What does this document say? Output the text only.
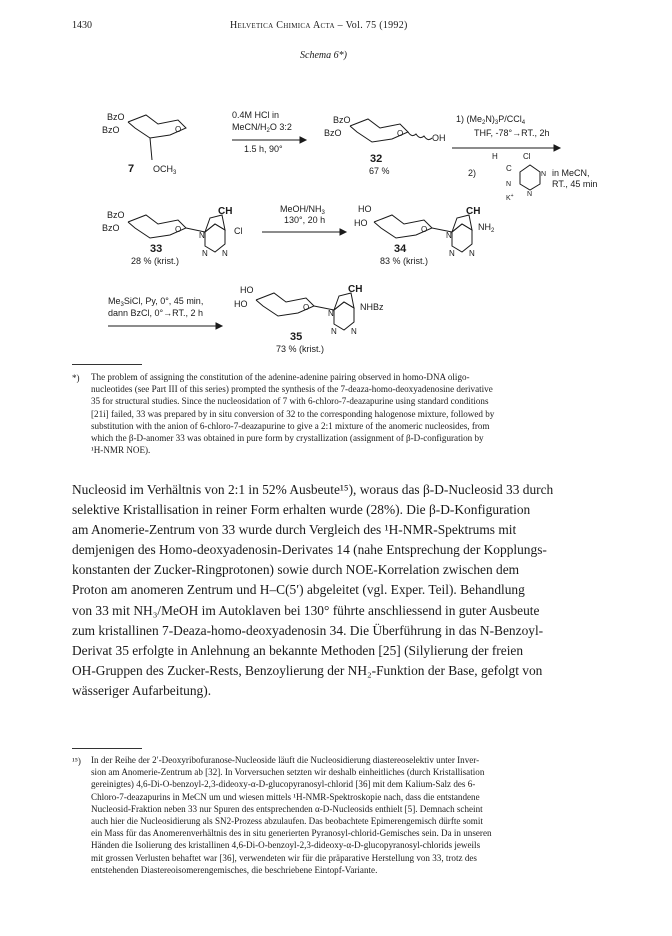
1430	Helvetica Chimica Acta – Vol. 75 (1992)
Schema 6*)
BzO
BzO	O
$OCH_3$
7
0.4M HCl in
MeCN/$H_2O$ 3:2
1.5 h, 90°
BzO
BzO	O	OH
32
67 %
1) $(Me_2N)_3P/CCl_4$
THF, -78°→RT., 2h
H	Cl
2)	C
N
N
N
K+
in MeCN,
RT., 45 min
BzO
BzO	O
CH
Cl
N
N N
33
28 % (krist.)
MeOH/$NH_3$
130°, 20 h
HO
HO
O
CH
$NH_2$
N
N N
34
83 % (krist.)
$Me_3SiCl$, Py, 0°, 45 min,
dann BzCl, 0°→RT., 2 h
HO
HO	O
CH
NHBz
N
N N
35
73 % (krist.)
*) The problem of assigning the constitution of the adenine-adenine pairing observed in homo-DNA oligo-
nucleotides (see Part III of this series) prompted the synthesis of the 7-deaza-homo-deoxyadenosine derivative
35 for structural studies. Since the nucleosidation of 7 with 6-chloro-7-deazapurine using standard conditions
[21i] failed, 33 was prepared by in situ conversion of 32 to the corresponding halogenose mixture, followed by
substitution with the anion of 6-chloro-7-deazapurine to give a 2:1 mixture of the anomeric nucleosides, from
which the β-D-anomer 33 was obtained in pure form by crystallization (assignment of β-D-configuration by
¹H-NMR NOE).
Nucleosid im Verhältnis von 2:1 in 52% Ausbeute¹⁵), woraus das β-D-Nucleosid 33 durch
selektive Kristallisation in reiner Form erhalten wurde (28%). Die β-D-Konfiguration
am Anomerie-Zentrum von 33 wurde durch Vergleich des ¹H-NMR-Spektrums mit
demjenigen des Homo-deoxyadenosin-Derivates 14 (nahe Entsprechung der Kopplungs-
konstanten der Zucker-Ringprotonen) sowie durch NOE-Korrelation zwischen dem
Proton am anomeren Zentrum und H–C(5′) abgeleitet (vgl. Exper. Teil). Behandlung
von 33 mit NH₃/MeOH im Autoklaven bei 130° führte anschliessend in guter Ausbeute
zum kristallinen 7-Deaza-homo-deoxyadenosin 34. Die Überführung in das N-Benzoyl-
Derivat 35 erfolgte in Anlehnung an bekannte Methoden [25] (Silylierung der freien
OH-Gruppen des Zucker-Rests, Benzoylierung der NH₂-Funktion der Base, gefolgt von
wässeriger Aufarbeitung).
¹⁵) In der Reihe der 2′-Deoxyribofuranose-Nucleoside läuft die Nucleosidierung diastereoselektiv unter Inver-
sion am Anomerie-Zentrum ab [32]. In Vorversuchen setzten wir deshalb einheitliches (durch Kristallisation
gereinigtes) 4,6-Di-O-benzoyl-2,3-dideoxy-α-D-glucopyranosyl-chlorid [36] mit dem Kalium-Salz des 6-
Chloro-7-deazapurins in MeCN um und wiesen mittels ¹H-NMR-Spektroskopie nach, dass die entstandene
Nucleosid-Fraktion neben 33 nur Spuren des entsprechenden α-D-Nucleosids enthielt [5]. Demnach scheint
auch hier die Nucleosidierung als SN2-Prozess abzulaufen. Das beobachtete Epimerengemisch dürfte somit
ein Mass für das Anomerenverhältnis des in situ generierten Pyranosyl-chlorid-Gemisches sein. Da in unseren
Händen die Isolierung des kristallinen 4,6-Di-O-benzoyl-2,3-dideoxy-α-D-glucopyranosyl-chlorids jeweils
mit grossen Verlusten behaftet war [36], verwendeten wir für die präparative Herstellung von 33, trotz des
entstehenden Diastereoisomerengemisches, die beschriebene Eintopf-Variante.
